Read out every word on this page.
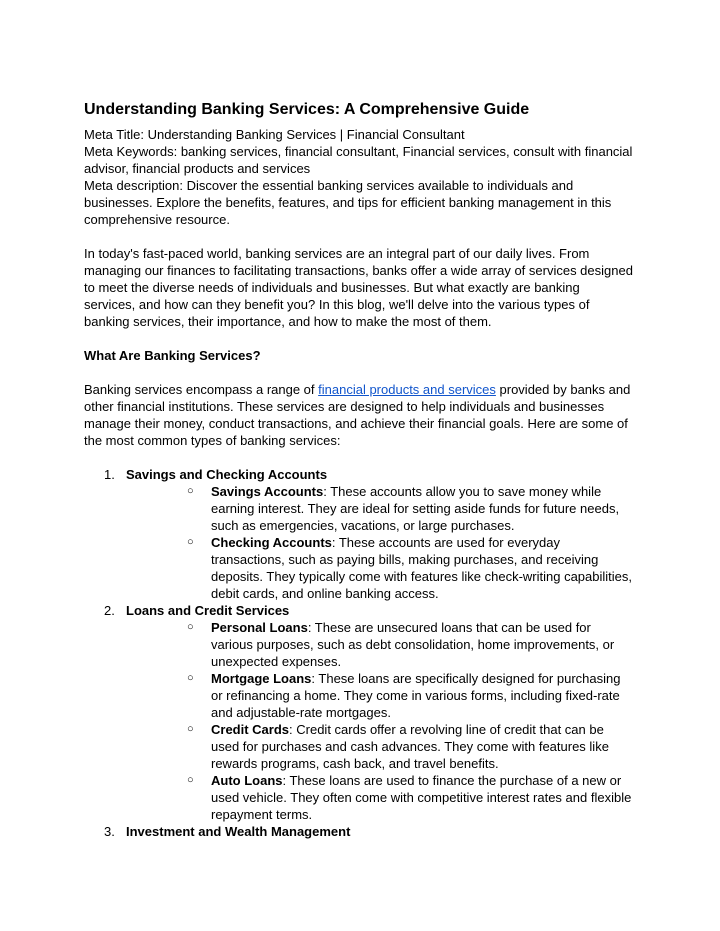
Understanding Banking Services: A Comprehensive Guide

Meta Title: Understanding Banking Services | Financial Consultant

Meta Keywords: banking services, financial consultant, Financial services, consult with financial advisor, financial products and services

Meta description: Discover the essential banking services available to individuals and businesses. Explore the benefits, features, and tips for efficient banking management in this comprehensive resource.

In today's fast-paced world, banking services are an integral part of our daily lives. From managing our finances to facilitating transactions, banks offer a wide array of services designed to meet the diverse needs of individuals and businesses. But what exactly are banking services, and how can they benefit you? In this blog, we'll delve into the various types of banking services, their importance, and how to make the most of them.

What Are Banking Services?

Banking services encompass a range of financial products and services provided by banks and other financial institutions. These services are designed to help individuals and businesses manage their money, conduct transactions, and achieve their financial goals. Here are some of the most common types of banking services:

1. Savings and Checking Accounts
○ Savings Accounts: These accounts allow you to save money while earning interest. They are ideal for setting aside funds for future needs, such as emergencies, vacations, or large purchases.
○ Checking Accounts: These accounts are used for everyday transactions, such as paying bills, making purchases, and receiving deposits. They typically come with features like check-writing capabilities, debit cards, and online banking access.
2. Loans and Credit Services
○ Personal Loans: These are unsecured loans that can be used for various purposes, such as debt consolidation, home improvements, or unexpected expenses.
○ Mortgage Loans: These loans are specifically designed for purchasing or refinancing a home. They come in various forms, including fixed-rate and adjustable-rate mortgages.
○ Credit Cards: Credit cards offer a revolving line of credit that can be used for purchases and cash advances. They come with features like rewards programs, cash back, and travel benefits.
○ Auto Loans: These loans are used to finance the purchase of a new or used vehicle. They often come with competitive interest rates and flexible repayment terms.
3. Investment and Wealth Management
